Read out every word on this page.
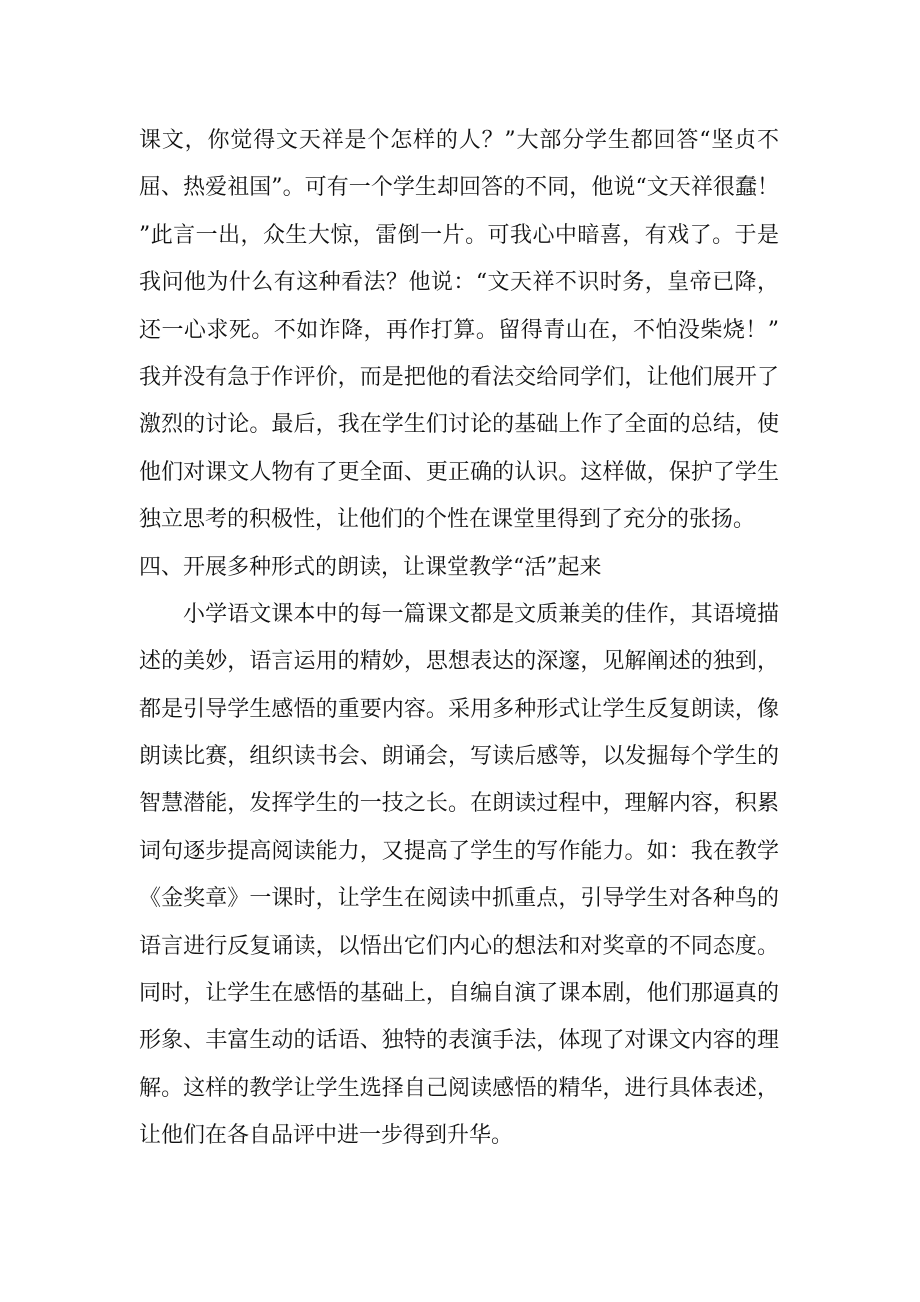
课文，你觉得文天祥是个怎样的人？”大部分学生都回答“坚贞不
屈、热爱祖国”。可有一个学生却回答的不同，他说“文天祥很蠢！
”此言一出，众生大惊，雷倒一片。可我心中暗喜，有戏了。于是
我问他为什么有这种看法？他说：“文天祥不识时务，皇帝已降，
还一心求死。不如诈降，再作打算。留得青山在，不怕没柴烧！”
我并没有急于作评价，而是把他的看法交给同学们，让他们展开了
激烈的讨论。最后，我在学生们讨论的基础上作了全面的总结，使
他们对课文人物有了更全面、更正确的认识。这样做，保护了学生
独立思考的积极性，让他们的个性在课堂里得到了充分的张扬。
四、开展多种形式的朗读，让课堂教学“活”起来
小学语文课本中的每一篇课文都是文质兼美的佳作，其语境描
述的美妙，语言运用的精妙，思想表达的深邃，见解阐述的独到，
都是引导学生感悟的重要内容。采用多种形式让学生反复朗读，像
朗读比赛，组织读书会、朗诵会，写读后感等，以发掘每个学生的
智慧潜能，发挥学生的一技之长。在朗读过程中，理解内容，积累
词句逐步提高阅读能力，又提高了学生的写作能力。如：我在教学
《金奖章》一课时，让学生在阅读中抓重点，引导学生对各种鸟的
语言进行反复诵读，以悟出它们内心的想法和对奖章的不同态度。
同时，让学生在感悟的基础上，自编自演了课本剧，他们那逼真的
形象、丰富生动的话语、独特的表演手法，体现了对课文内容的理
解。这样的教学让学生选择自己阅读感悟的精华，进行具体表述，
让他们在各自品评中进一步得到升华。
